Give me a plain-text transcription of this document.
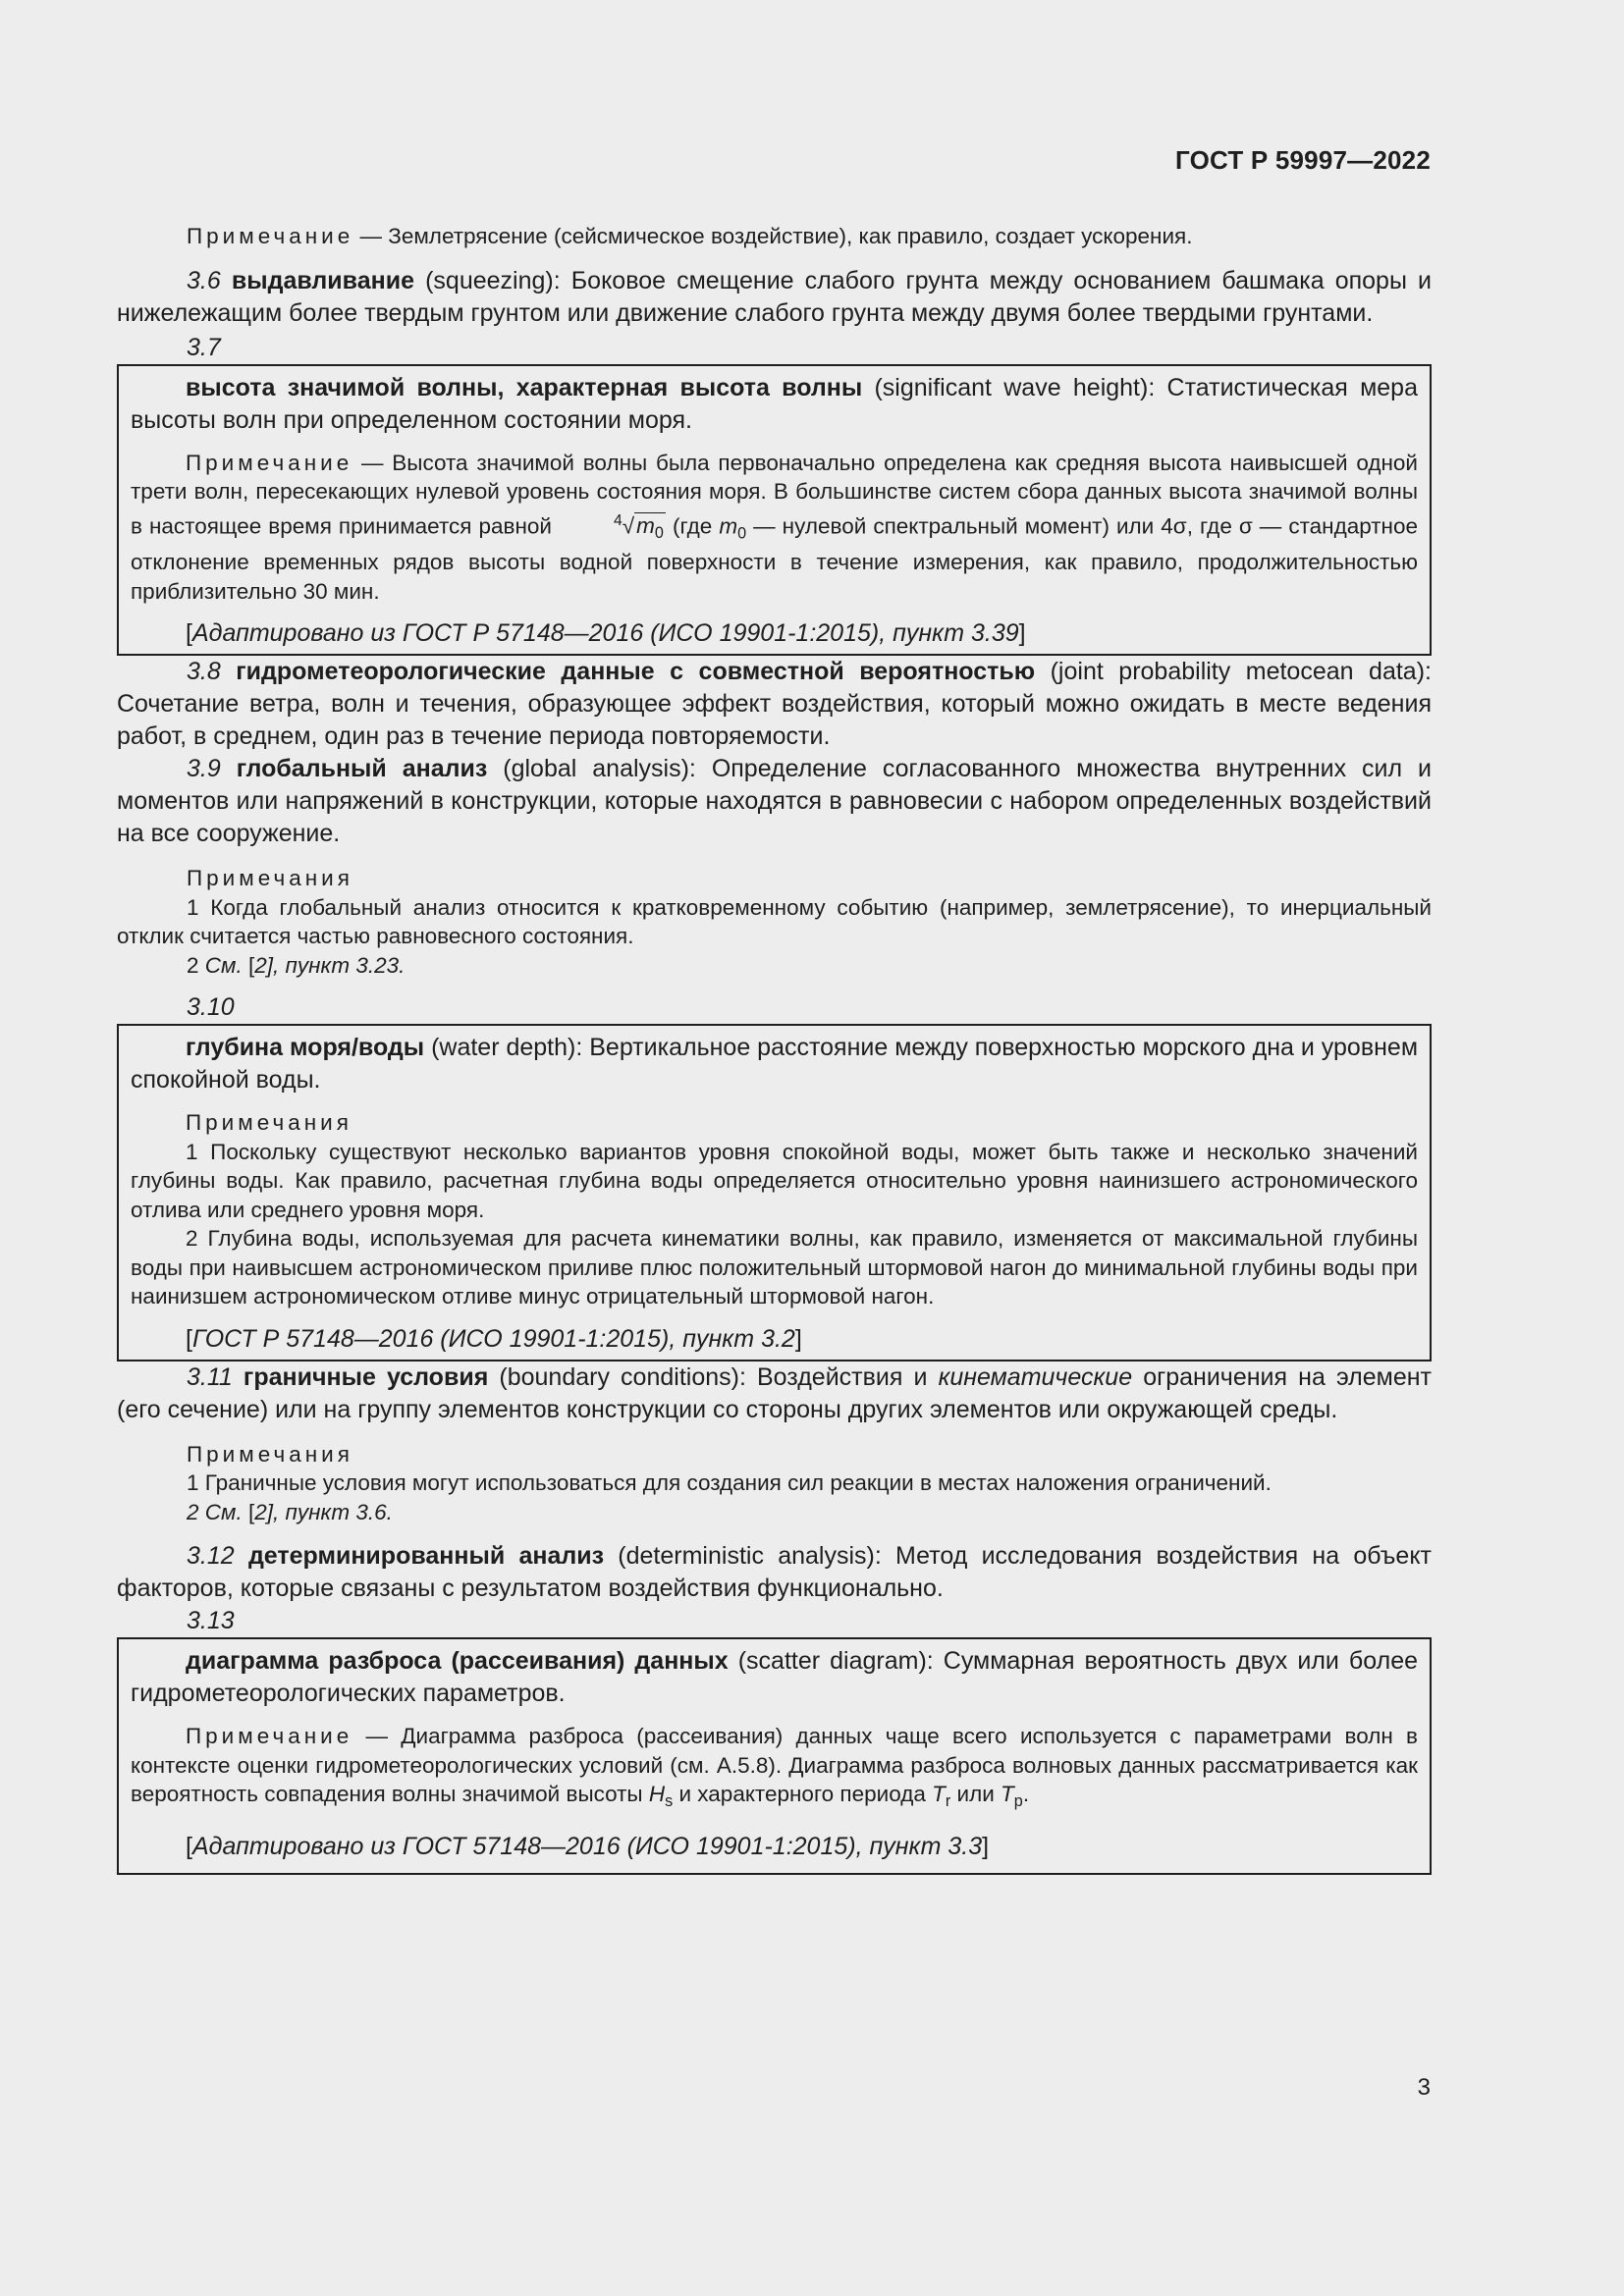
ГОСТ Р 59997—2022

Примечание — Землетрясение (сейсмическое воздействие), как правило, создает ускорения.

3.6 выдавливание (squeezing): Боковое смещение слабого грунта между основанием башмака опоры и нижележащим более твердым грунтом или движение слабого грунта между двумя более твердыми грунтами.

3.7

высота значимой волны, характерная высота волны (significant wave height): Статистическая мера высоты волн при определенном состоянии моря.

Примечание — Высота значимой волны была первоначально определена как средняя высота наивысшей одной трети волн, пересекающих нулевой уровень состояния моря. В большинстве систем сбора данных высота значимой волны в настоящее время принимается равной	$^4√m_0$ (где $m_0$ — нулевой спектральный момент) или 4σ, где σ — стандартное отклонение временных рядов высоты водной поверхности в течение измерения, как правило, продолжительностью приблизительно 30 мин.

[Адаптировано из ГОСТ Р 57148—2016 (ИСО 19901-1:2015), пункт 3.39]

3.8 гидрометеорологические данные с совместной вероятностью (joint probability metocean data): Сочетание ветра, волн и течения, образующее эффект воздействия, который можно ожидать в месте ведения работ, в среднем, один раз в течение периода повторяемости.

3.9 глобальный анализ (global analysis): Определение согласованного множества внутренних сил и моментов или напряжений в конструкции, которые находятся в равновесии с набором определенных воздействий на все сооружение.

Примечания

1 Когда глобальный анализ относится к кратковременному событию (например, землетрясение), то инерциальный отклик считается частью равновесного состояния.

2 См. [2], пункт 3.23.

3.10

глубина моря/воды (water depth): Вертикальное расстояние между поверхностью морского дна и уровнем спокойной воды.

Примечания

1 Поскольку существуют несколько вариантов уровня спокойной воды, может быть также и несколько значений глубины воды. Как правило, расчетная глубина воды определяется относительно уровня наинизшего астрономического отлива или среднего уровня моря.

2 Глубина воды, используемая для расчета кинематики волны, как правило, изменяется от максимальной глубины воды при наивысшем астрономическом приливе плюс положительный штормовой нагон до минимальной глубины воды при наинизшем астрономическом отливе минус отрицательный штормовой нагон.

[ГОСТ Р 57148—2016 (ИСО 19901-1:2015), пункт 3.2]

3.11 граничные условия (boundary conditions): Воздействия и кинематические ограничения на элемент (его сечение) или на группу элементов конструкции со стороны других элементов или окружающей среды.

Примечания

1 Граничные условия могут использоваться для создания сил реакции в местах наложения ограничений.

2 См. [2], пункт 3.6.

3.12 детерминированный анализ (deterministic analysis): Метод исследования воздействия на объект факторов, которые связаны с результатом воздействия функционально.

3.13

диаграмма разброса (рассеивания) данных (scatter diagram): Суммарная вероятность двух или более гидрометеорологических параметров.

Примечание — Диаграмма разброса (рассеивания) данных чаще всего используется с параметрами волн в контексте оценки гидрометеорологических условий (см. А.5.8). Диаграмма разброса волновых данных рассматривается как вероятность совпадения волны значимой высоты $H_s$ и характерного периода $T_r$ или $T_p$.

[Адаптировано из ГОСТ 57148—2016 (ИСО 19901-1:2015), пункт 3.3]

3
